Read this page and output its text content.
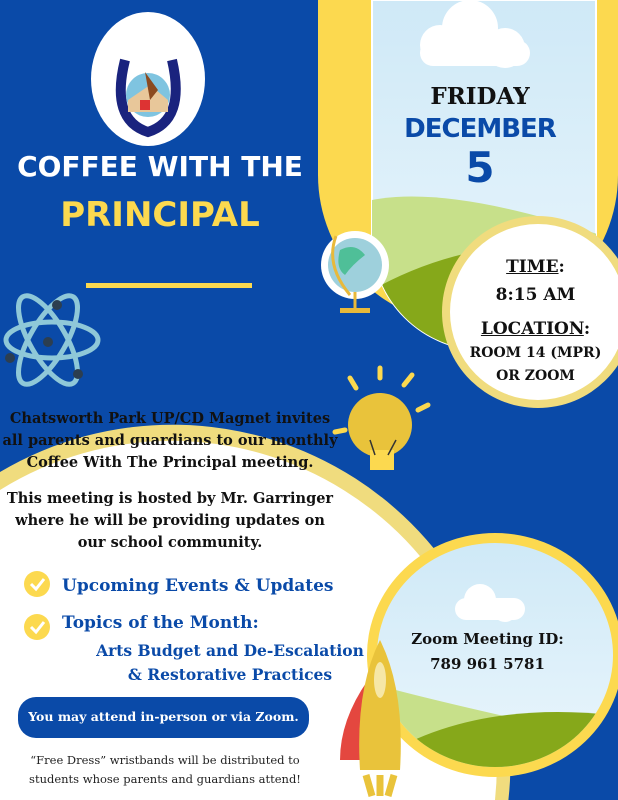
COFFEE WITH THE
PRINCIPAL
FRIDAY
DECEMBER
5
TIME:
8:15 AM
LOCATION:
ROOM 14 (MPR)
OR ZOOM
Chatsworth Park UP/CD Magnet invites
all parents and guardians to our monthly
Coffee With The Principal meeting.
This meeting is hosted by Mr. Garringer
where he will be providing updates on
our school community.
Upcoming Events & Updates
Topics of the Month:
Arts Budget and De-Escalation
& Restorative Practices
You may attend in-person or via Zoom.
“Free Dress” wristbands will be distributed to
students whose parents and guardians attend!
Zoom Meeting ID:
789 961 5781
